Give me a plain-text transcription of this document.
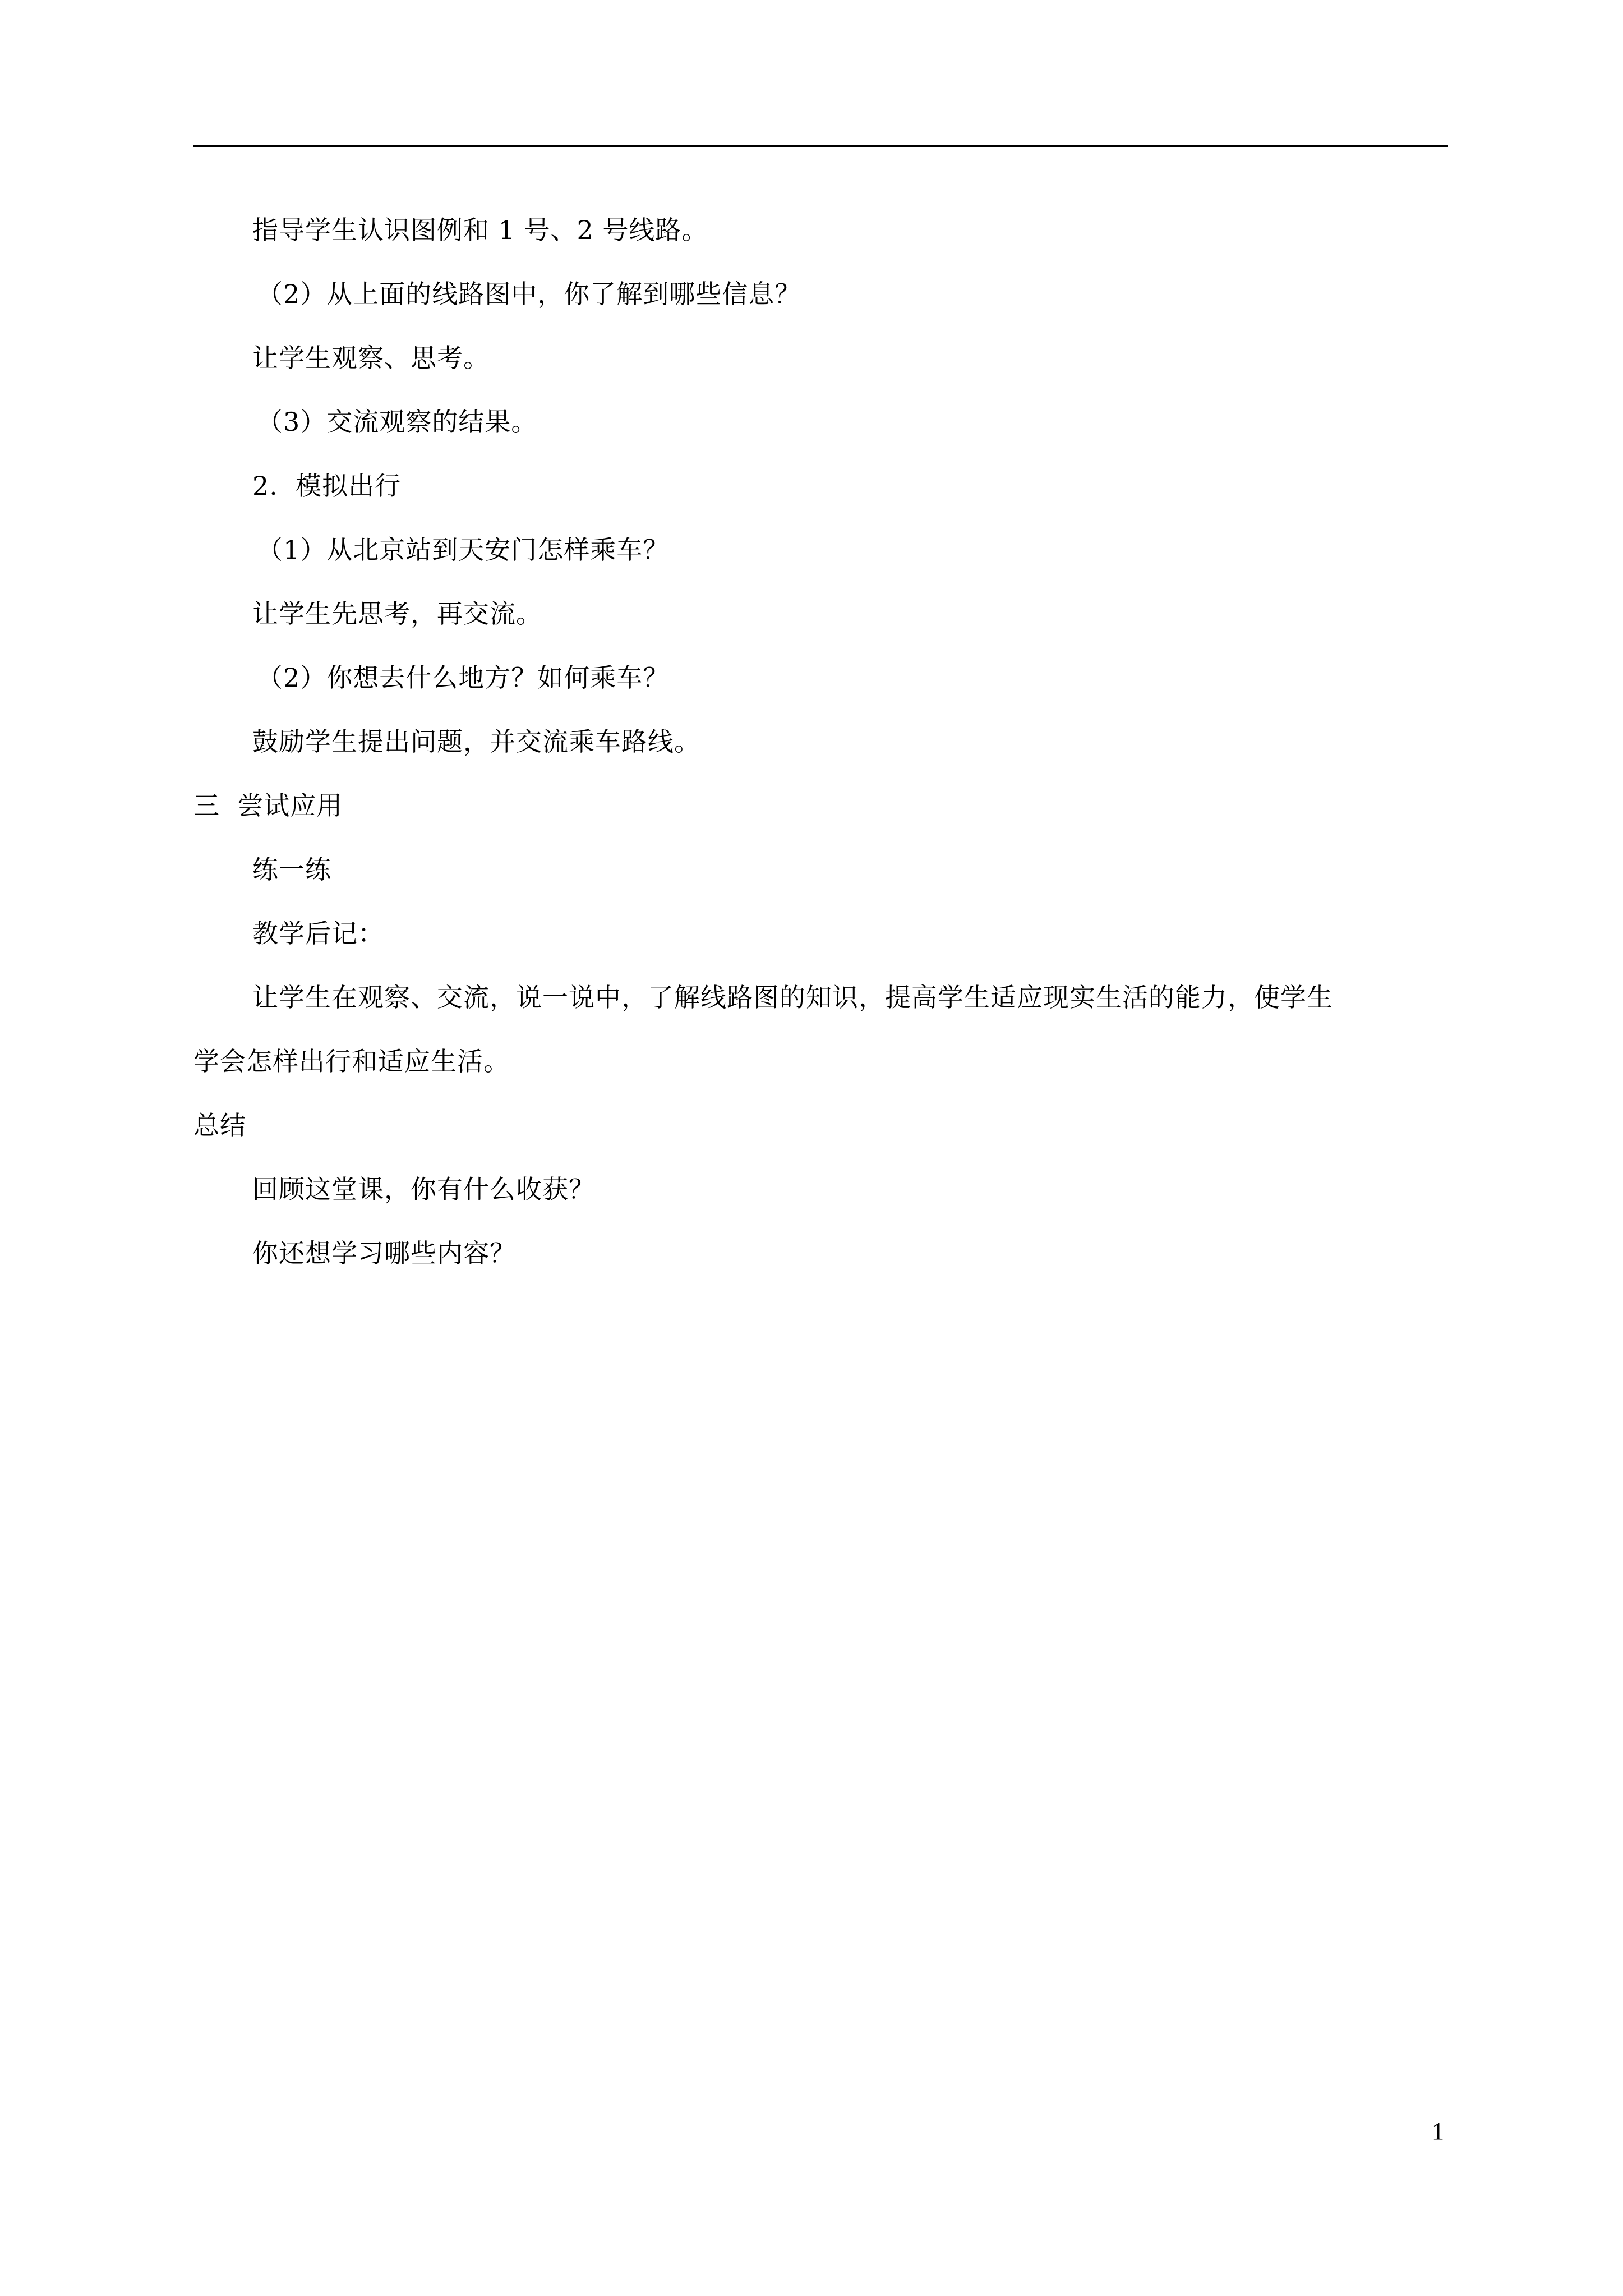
指导学生认识图例和 1 号、2 号线路。
（2）从上面的线路图中，你了解到哪些信息？
让学生观察、思考。
（3）交流观察的结果。
2.  模拟出行
（1）从北京站到天安门怎样乘车？
让学生先思考，再交流。
（2）你想去什么地方？如何乘车？
鼓励学生提出问题，并交流乘车路线。
三  尝试应用
练一练
教学后记：
让学生在观察、交流，说一说中，了解线路图的知识，提高学生适应现实生活的能力，使学生
学会怎样出行和适应生活。
总结
回顾这堂课，你有什么收获？
你还想学习哪些内容？
1
